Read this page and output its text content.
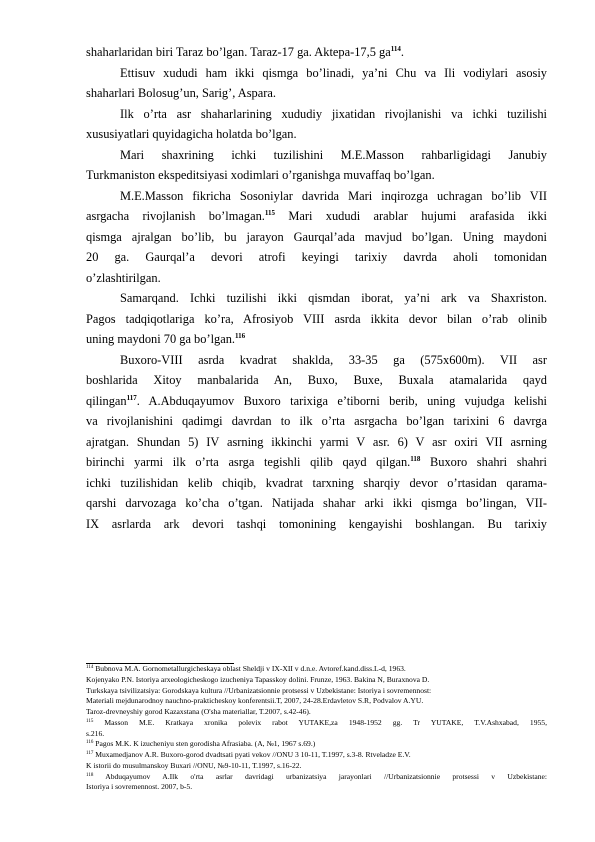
shaharlaridan biri Taraz bo’lgan. Taraz-17 ga. Aktepa-17,5 $ga^{114}$.
Ettisuv xududi ham ikki qismga bo’linadi, ya’ni Chu va Ili vodiylari asosiy
shaharlari Bolosug’un, Sarig’, Aspara.
Ilk o’rta asr shaharlarining xududiy jixatidan rivojlanishi va ichki tuzilishi
xususiyatlari quyidagicha holatda bo’lgan.
Mari shaxrining ichki tuzilishini M.E.Masson rahbarligidagi Janubiy
Turkmaniston ekspeditsiyasi xodimlari o’rganishga muvaffaq bo’lgan.
M.E.Masson fikricha Sosoniylar davrida Mari inqirozga uchragan bo’lib VII
asrgacha rivojlanish bo’lmagan.$^{115}$ Mari xududi arablar hujumi arafasida ikki
qismga ajralgan bo’lib, bu jarayon Gaurqal’ada mavjud bo’lgan. Uning maydoni
20 ga. Gaurqal’a devori atrofi keyingi tarixiy davrda aholi tomonidan
o’zlashtirilgan.
Samarqand. Ichki tuzilishi ikki qismdan iborat, ya’ni ark va Shaxriston.
Pagos tadqiqotlariga ko’ra, Afrosiyob VIII asrda ikkita devor bilan o’rab olinib
uning maydoni 70 ga bo’lgan.$^{116}$
Buxoro-VIII asrda kvadrat shaklda, 33-35 ga (575x600m). VII asr
boshlarida Xitoy manbalarida An, Buxo, Buxe, Buxala atamalarida qayd
qilingan$^{117}$. A.Abduqayumov Buxoro tarixiga e’tiborni berib, uning vujudga kelishi
va rivojlanishini qadimgi davrdan to ilk o’rta asrgacha bo’lgan tarixini 6 davrga
ajratgan. Shundan 5) IV asrning ikkinchi yarmi V asr. 6) V asr oxiri VII asrning
birinchi yarmi ilk o’rta asrga tegishli qilib qayd qilgan.$^{118}$ Buxoro shahri shahri
ichki tuzilishidan kelib chiqib, kvadrat tarxning sharqiy devor o’rtasidan qarama-
qarshi darvozaga ko’cha o’tgan. Natijada shahar arki ikki qismga bo’lingan, VII-
IX asrlarda ark devori tashqi tomonining kengayishi boshlangan. Bu tarixiy
$^{114}$ Bubnova M.A. Gornometallurgicheskaya oblast Sheldji v IX-XII v d.n.e. Avtoref.kand.diss.L-d, 1963.
Kojenyako P.N. Istoriya arxeologicheskogo izucheniya Tapasskoy dolini. Frunze, 1963. Bakina N, Buraxnova D.
Turkskaya tsivilizatsiya: Gorodskaya kultura //Urbanizatsionnie protsessi v Uzbekistane: Istoriya i sovremennost:
Materiali mejdunarodnoy nauchno-prakticheskoy konferentsii.T, 2007, 24-28.Erdavletov S.R, Podvalov A.YU.
Taroz-drevneyshiy gorod Kazaxstana (O'sha materiallar, T.2007, s.42-46).
$^{115}$ Masson M.E. Kratkaya xronika polevix rabot YUTAKE,za 1948-1952 gg. Tr YUTAKE, T.V.Ashxabad, 1955,
s.216.
$^{116}$ Pagos M.K. K izucheniyu sten gorodisha Afrasiaba. (A, №1, 1967 s.69.)
$^{117}$ Muxamedjanov A.R. Buxoro-gorod dvadtsati pyati vekov //ONU 3 10-11, T.1997, s.3-8. Rtveladze E.V.
K istorii do musulmanskoy Buxari //ONU, №9-10-11, T.1997, s.16-22.
$^{118}$ Abduqayumov A.Ilk o'rta asrlar davridagi urbanizatsiya jarayonlari //Urbanizatsionnie protsessi v Uzbekistane:
Istoriya i sovremennost. 2007, b-5.
